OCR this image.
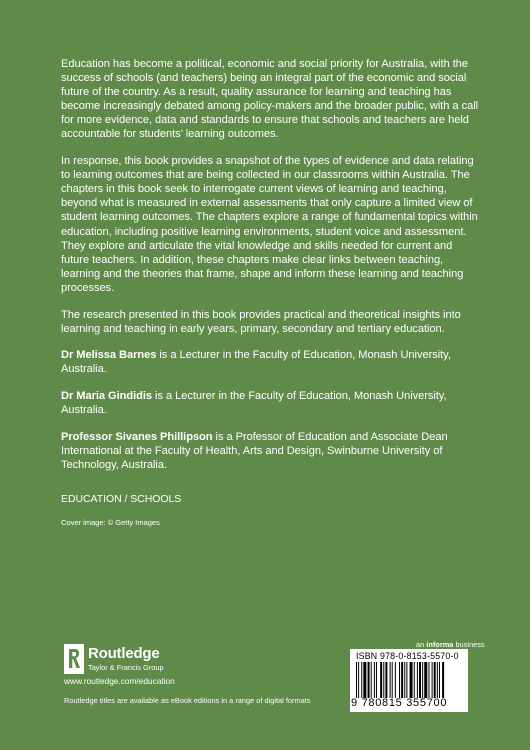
Education has become a political, economic and social priority for Australia, with the success of schools (and teachers) being an integral part of the economic and social future of the country. As a result, quality assurance for learning and teaching has become increasingly debated among policy-makers and the broader public, with a call for more evidence, data and standards to ensure that schools and teachers are held accountable for students’ learning outcomes.

In response, this book provides a snapshot of the types of evidence and data relating to learning outcomes that are being collected in our classrooms within Australia. The chapters in this book seek to interrogate current views of learning and teaching, beyond what is measured in external assessments that only capture a limited view of student learning outcomes. The chapters explore a range of fundamental topics within education, including positive learning environments, student voice and assessment. They explore and articulate the vital knowledge and skills needed for current and future teachers. In addition, these chapters make clear links between teaching, learning and the theories that frame, shape and inform these learning and teaching processes.

The research presented in this book provides practical and theoretical insights into learning and teaching in early years, primary, secondary and tertiary education.

Dr Melissa Barnes is a Lecturer in the Faculty of Education, Monash University, Australia.

Dr Maria Gindidis is a Lecturer in the Faculty of Education, Monash University, Australia.

Professor Sivanes Phillipson is a Professor of Education and Associate Dean International at the Faculty of Health, Arts and Design, Swinburne University of Technology, Australia.

EDUCATION / SCHOOLS
Cover image: © Getty Images
Routledge
Taylor & Francis Group
www.routledge.com/education
Routledge titles are available as eBook editions in a range of digital formats
an informa business
ISBN 978-0-8153-5570-0
9 780815 355700
